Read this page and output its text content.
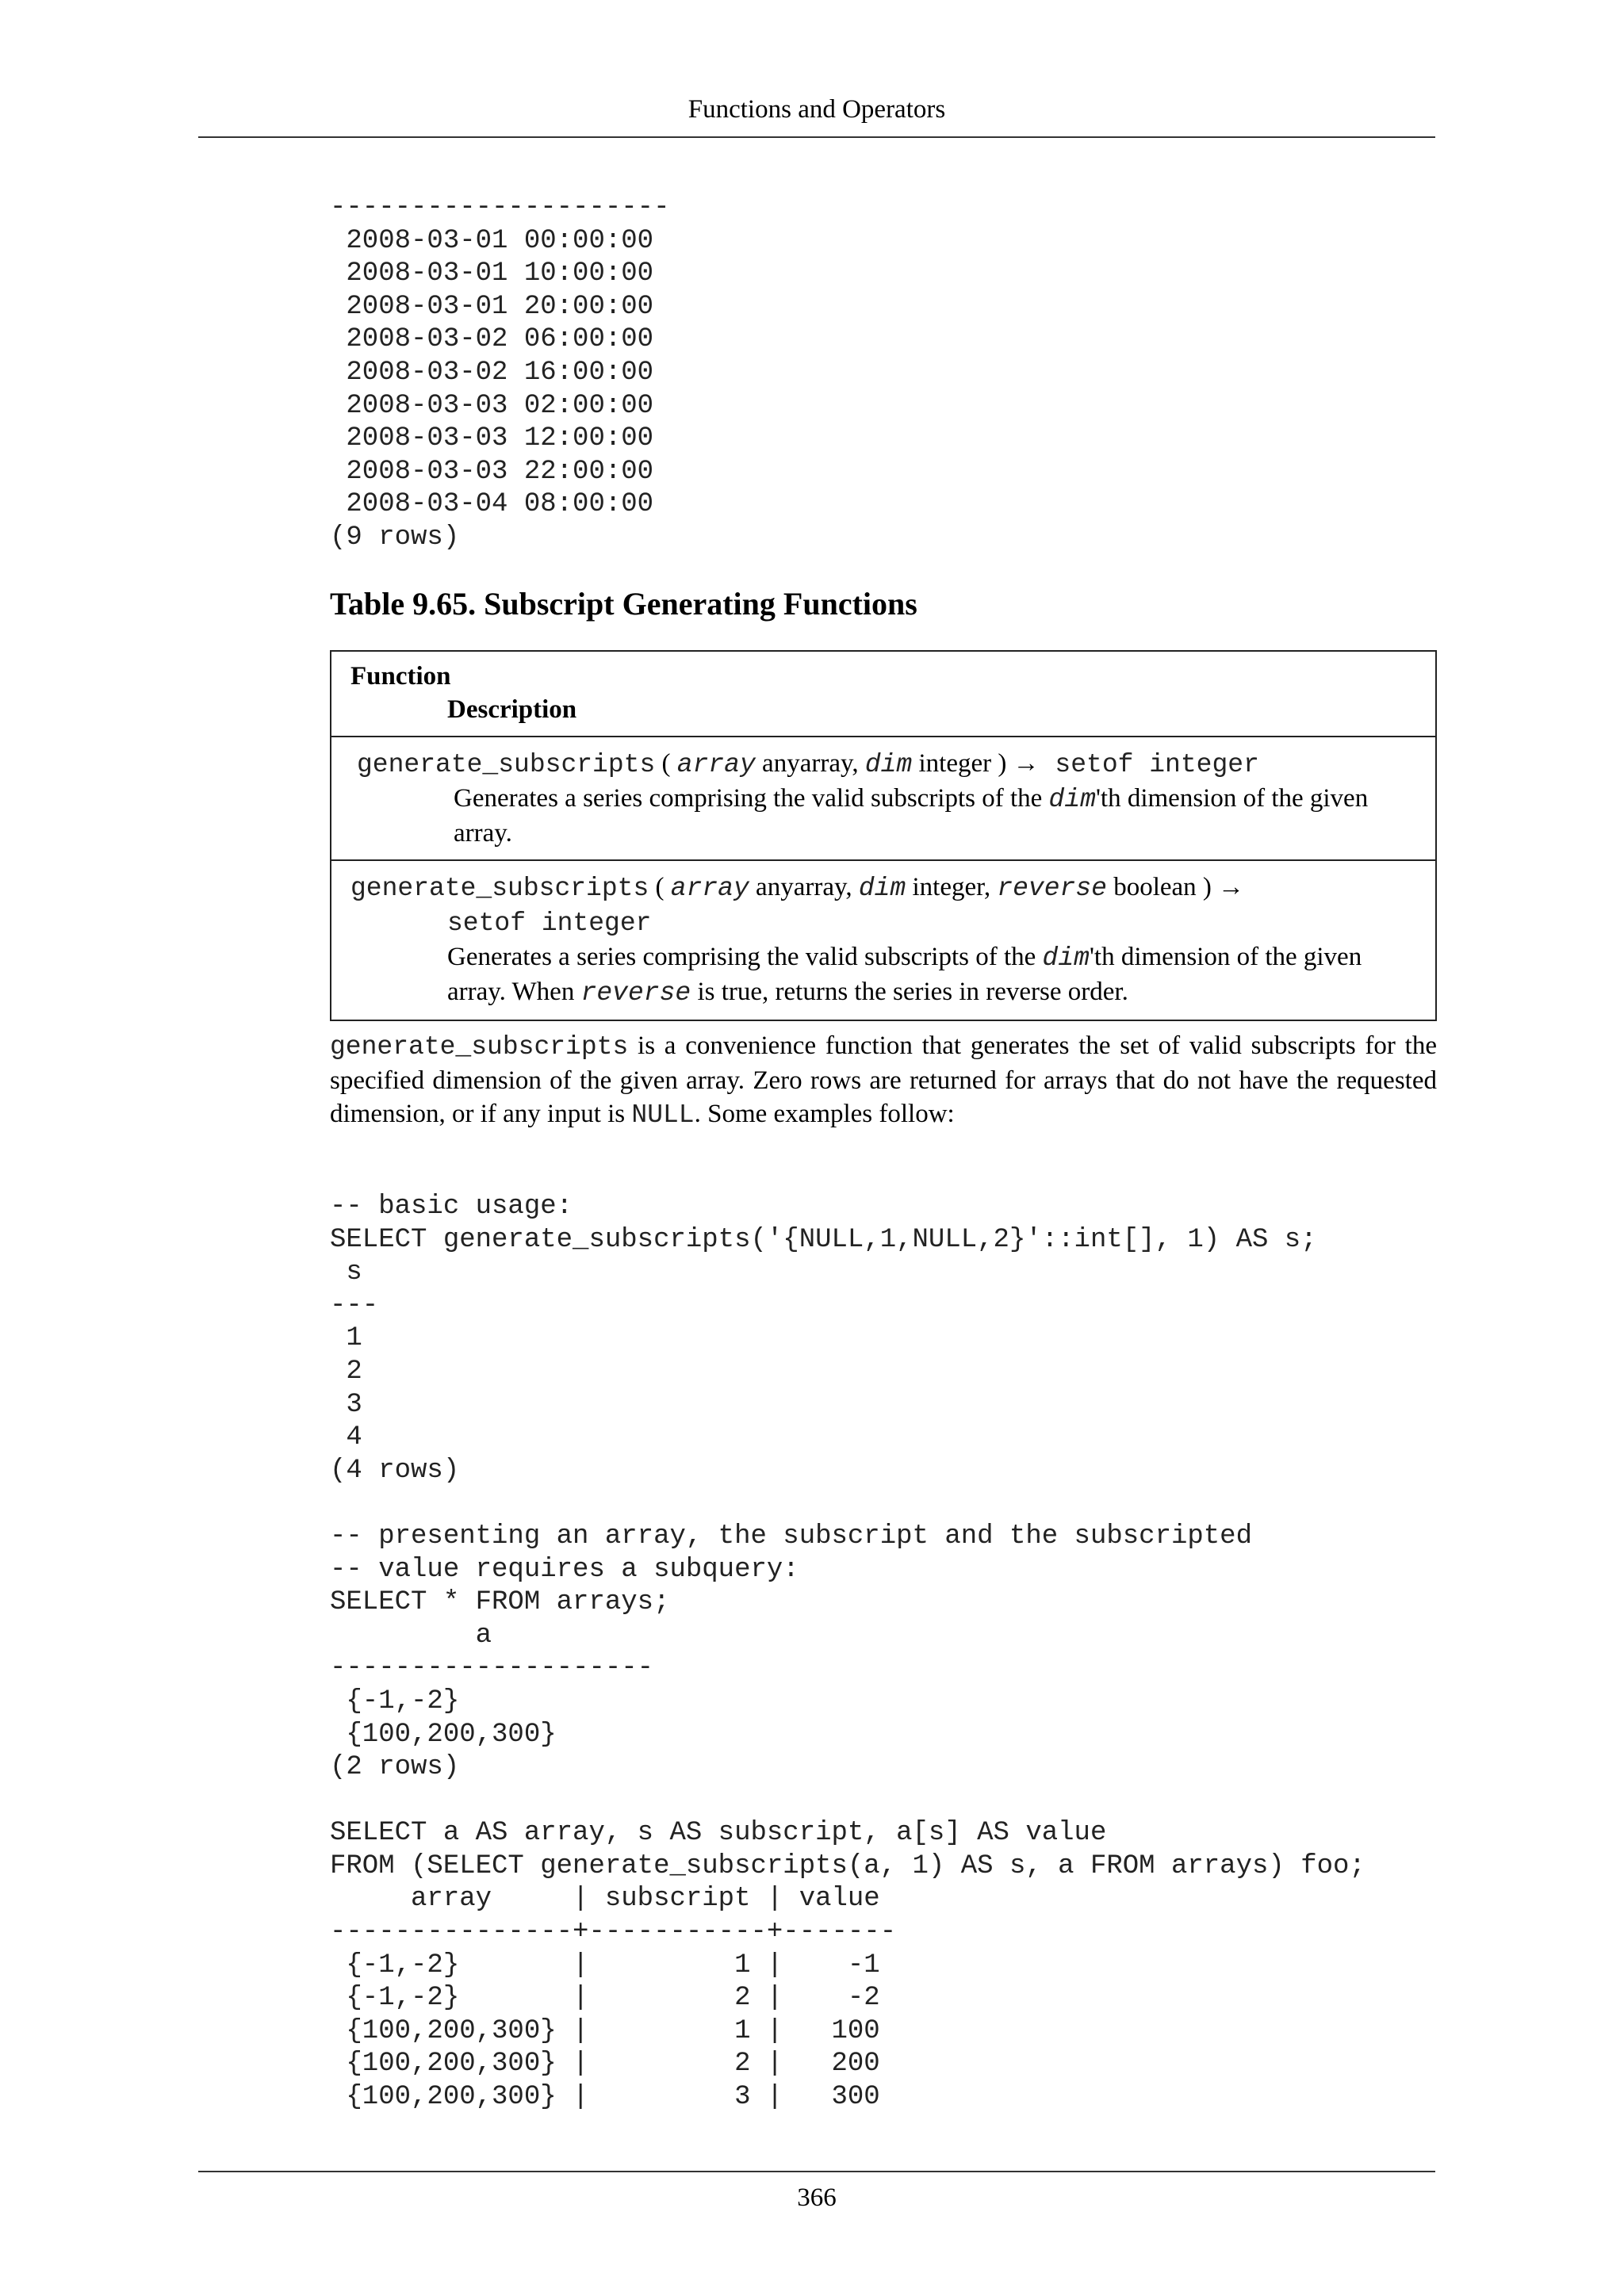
Functions and Operators
---------------------
2008-03-01 00:00:00
2008-03-01 10:00:00
2008-03-01 20:00:00
2008-03-02 06:00:00
2008-03-02 16:00:00
2008-03-03 02:00:00
2008-03-03 12:00:00
2008-03-03 22:00:00
2008-03-04 08:00:00
(9 rows)
Table 9.65. Subscript Generating Functions
Function
Description
generate_subscripts ( array anyarray, dim integer ) → setof integer
Generates a series comprising the valid subscripts of the dim'th dimension of the given array.
generate_subscripts ( array anyarray, dim integer, reverse boolean ) →
setof integer
Generates a series comprising the valid subscripts of the dim'th dimension of the given array. When reverse is true, returns the series in reverse order.
generate_subscripts is a convenience function that generates the set of valid subscripts for the specified dimension of the given array. Zero rows are returned for arrays that do not have the requested dimension, or if any input is NULL. Some examples follow:
-- basic usage:
SELECT generate_subscripts('{NULL,1,NULL,2}'::int[], 1) AS s;
s
---
1
2
3
4
(4 rows)

-- presenting an array, the subscript and the subscripted
-- value requires a subquery:
SELECT * FROM arrays;
a
--------------------
{-1,-2}
{100,200,300}
(2 rows)

SELECT a AS array, s AS subscript, a[s] AS value
FROM (SELECT generate_subscripts(a, 1) AS s, a FROM arrays) foo;
array     | subscript | value
---------------+-----------+-------
{-1,-2}       |         1 |    -1
{-1,-2}       |         2 |    -2
{100,200,300} |         1 |   100
{100,200,300} |         2 |   200
{100,200,300} |         3 |   300
366
